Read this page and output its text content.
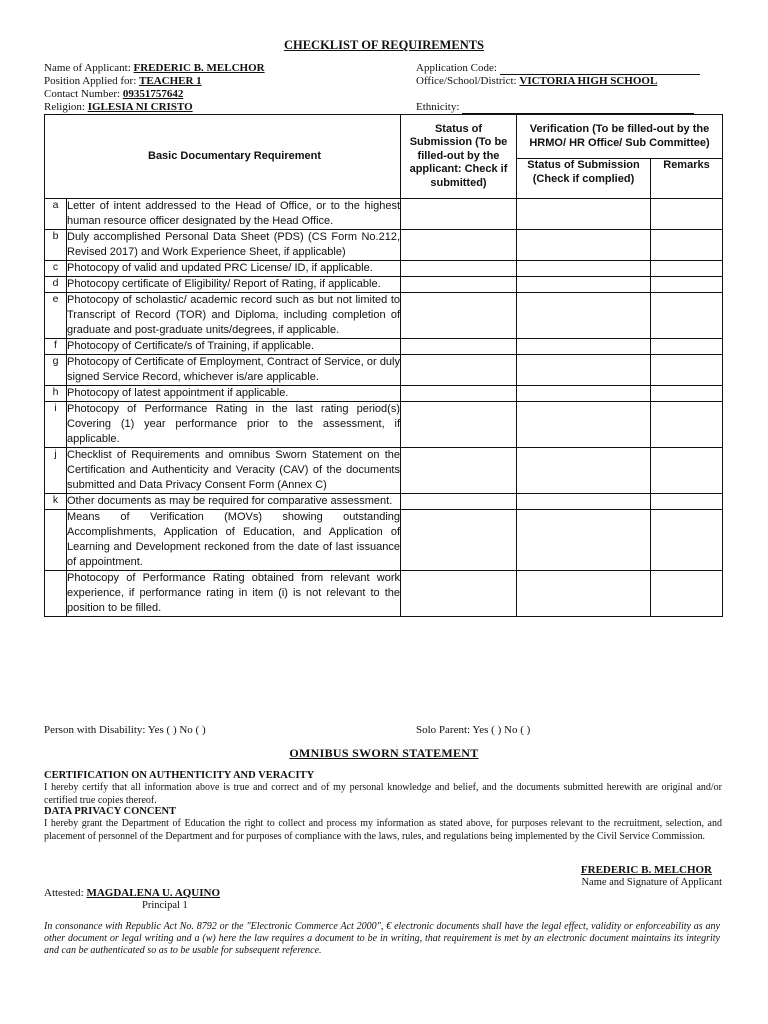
CHECKLIST OF REQUIREMENTS
Name of Applicant: FREDERIC B. MELCHOR
Position Applied for: TEACHER 1
Contact Number: 09351757642
Religion: IGLESIA NI CRISTO
Application Code:
Office/School/District: VICTORIA HIGH SCHOOL
Ethnicity:
Basic Documentary Requirement		Status of Submission (To be filled-out by the applicant: Check if submitted)	Verification (To be filled-out by the HRMO/ HR Office/ Sub Committee)	
			Status of Submission (Check if complied)	Remarks
a	Letter of intent addressed to the Head of Office, or to the highest human resource officer designated by the Head Office.			
b	Duly accomplished Personal Data Sheet (PDS) (CS Form No.212, Revised 2017) and Work Experience Sheet, if applicable)			
c	Photocopy of valid and updated PRC License/ ID, if applicable.			
d	Photocopy certificate of Eligibility/ Report of Rating, if applicable.			
e	Photocopy of scholastic/ academic record such as but not limited to Transcript of Record (TOR) and Diploma, including completion of graduate and post-graduate units/degrees, if applicable.			
f	Photocopy of Certificate/s of Training, if applicable.			
g	Photocopy of Certificate of Employment, Contract of Service, or duly signed Service Record, whichever is/are applicable.			
h	Photocopy of latest appointment if applicable.			
i	Photocopy of Performance Rating in the last rating period(s) Covering (1) year performance prior to the assessment, if applicable.			
j	Checklist of Requirements and omnibus Sworn Statement on the Certification and Authenticity and Veracity (CAV) of the documents submitted and Data Privacy Consent Form (Annex C)			
k	Other documents as may be required for comparative assessment.			
	Means of Verification (MOVs) showing outstanding Accomplishments, Application of Education, and Application of Learning and Development reckoned from the date of last issuance of appointment.			
	Photocopy of Performance Rating obtained from relevant work experience, if performance rating in item (i) is not relevant to the position to be filled.			
Person with Disability: Yes ( ) No ( )	Solo Parent: Yes ( ) No ( )
OMNIBUS SWORN STATEMENT
CERTIFICATION ON AUTHENTICITY AND VERACITY
I hereby certify that all information above is true and correct and of my personal knowledge and belief, and the documents submitted herewith are original and/or certified true copies thereof.
DATA PRIVACY CONCENT
I hereby grant the Department of Education the right to collect and process my information as stated above, for purposes relevant to the recruitment, selection, and placement of personnel of the Department and for purposes of compliance with the laws, rules, and regulations being implemented by the Civil Service Commission.
FREDERIC B. MELCHOR
Name and Signature of Applicant
Attested: MAGDALENA U. AQUINO
Principal 1
In consonance with Republic Act No. 8792 or the "Electronic Commerce Act 2000", € electronic documents shall have the legal effect, validity or enforceability as any other document or legal writing and a (w) here the law requires a document to be in writing, that requirement is met by an electronic document maintains its integrity and can be authenticated so as to be usable for subsequent reference.
